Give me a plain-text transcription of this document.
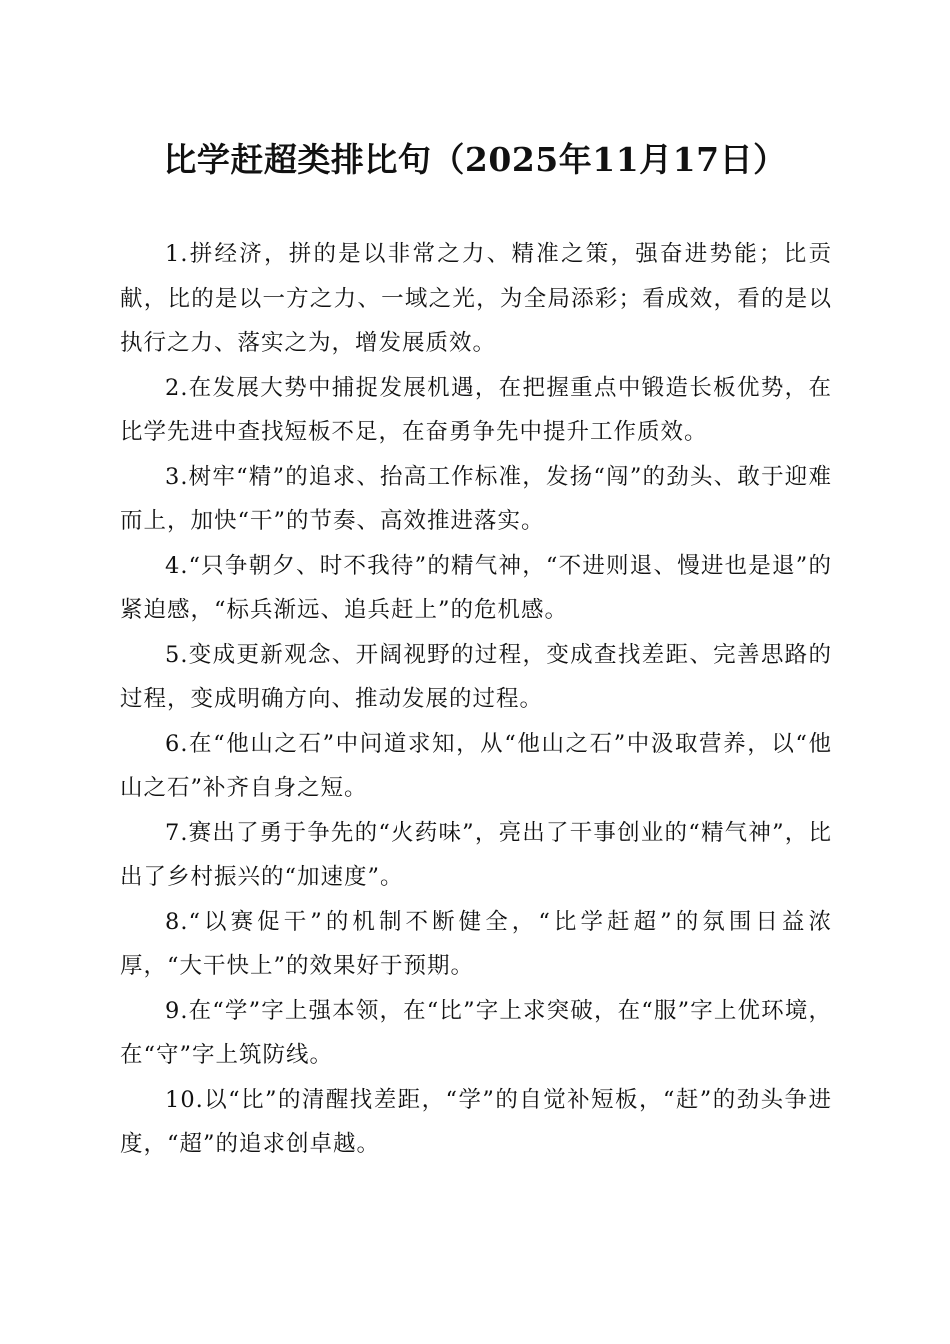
比学赶超类排比句（2025年11月17日）

1.拼经济，拼的是以非常之力、精准之策，强奋进势能；比贡献，比的是以一方之力、一域之光，为全局添彩；看成效，看的是以执行之力、落实之为，增发展质效。

2.在发展大势中捕捉发展机遇，在把握重点中锻造长板优势，在比学先进中查找短板不足，在奋勇争先中提升工作质效。

3.树牢“精”的追求、抬高工作标准，发扬“闯”的劲头、敢于迎难而上，加快“干”的节奏、高效推进落实。

4.“只争朝夕、时不我待”的精气神，“不进则退、慢进也是退”的紧迫感，“标兵渐远、追兵赶上”的危机感。

5.变成更新观念、开阔视野的过程，变成查找差距、完善思路的过程，变成明确方向、推动发展的过程。

6.在“他山之石”中问道求知，从“他山之石”中汲取营养，以“他山之石”补齐自身之短。

7.赛出了勇于争先的“火药味”，亮出了干事创业的“精气神”，比出了乡村振兴的“加速度”。

8.“以赛促干”的机制不断健全，“比学赶超”的氛围日益浓厚，“大干快上”的效果好于预期。

9.在“学”字上强本领，在“比”字上求突破，在“服”字上优环境，在“守”字上筑防线。

10.以“比”的清醒找差距，“学”的自觉补短板，“赶”的劲头争进度，“超”的追求创卓越。
